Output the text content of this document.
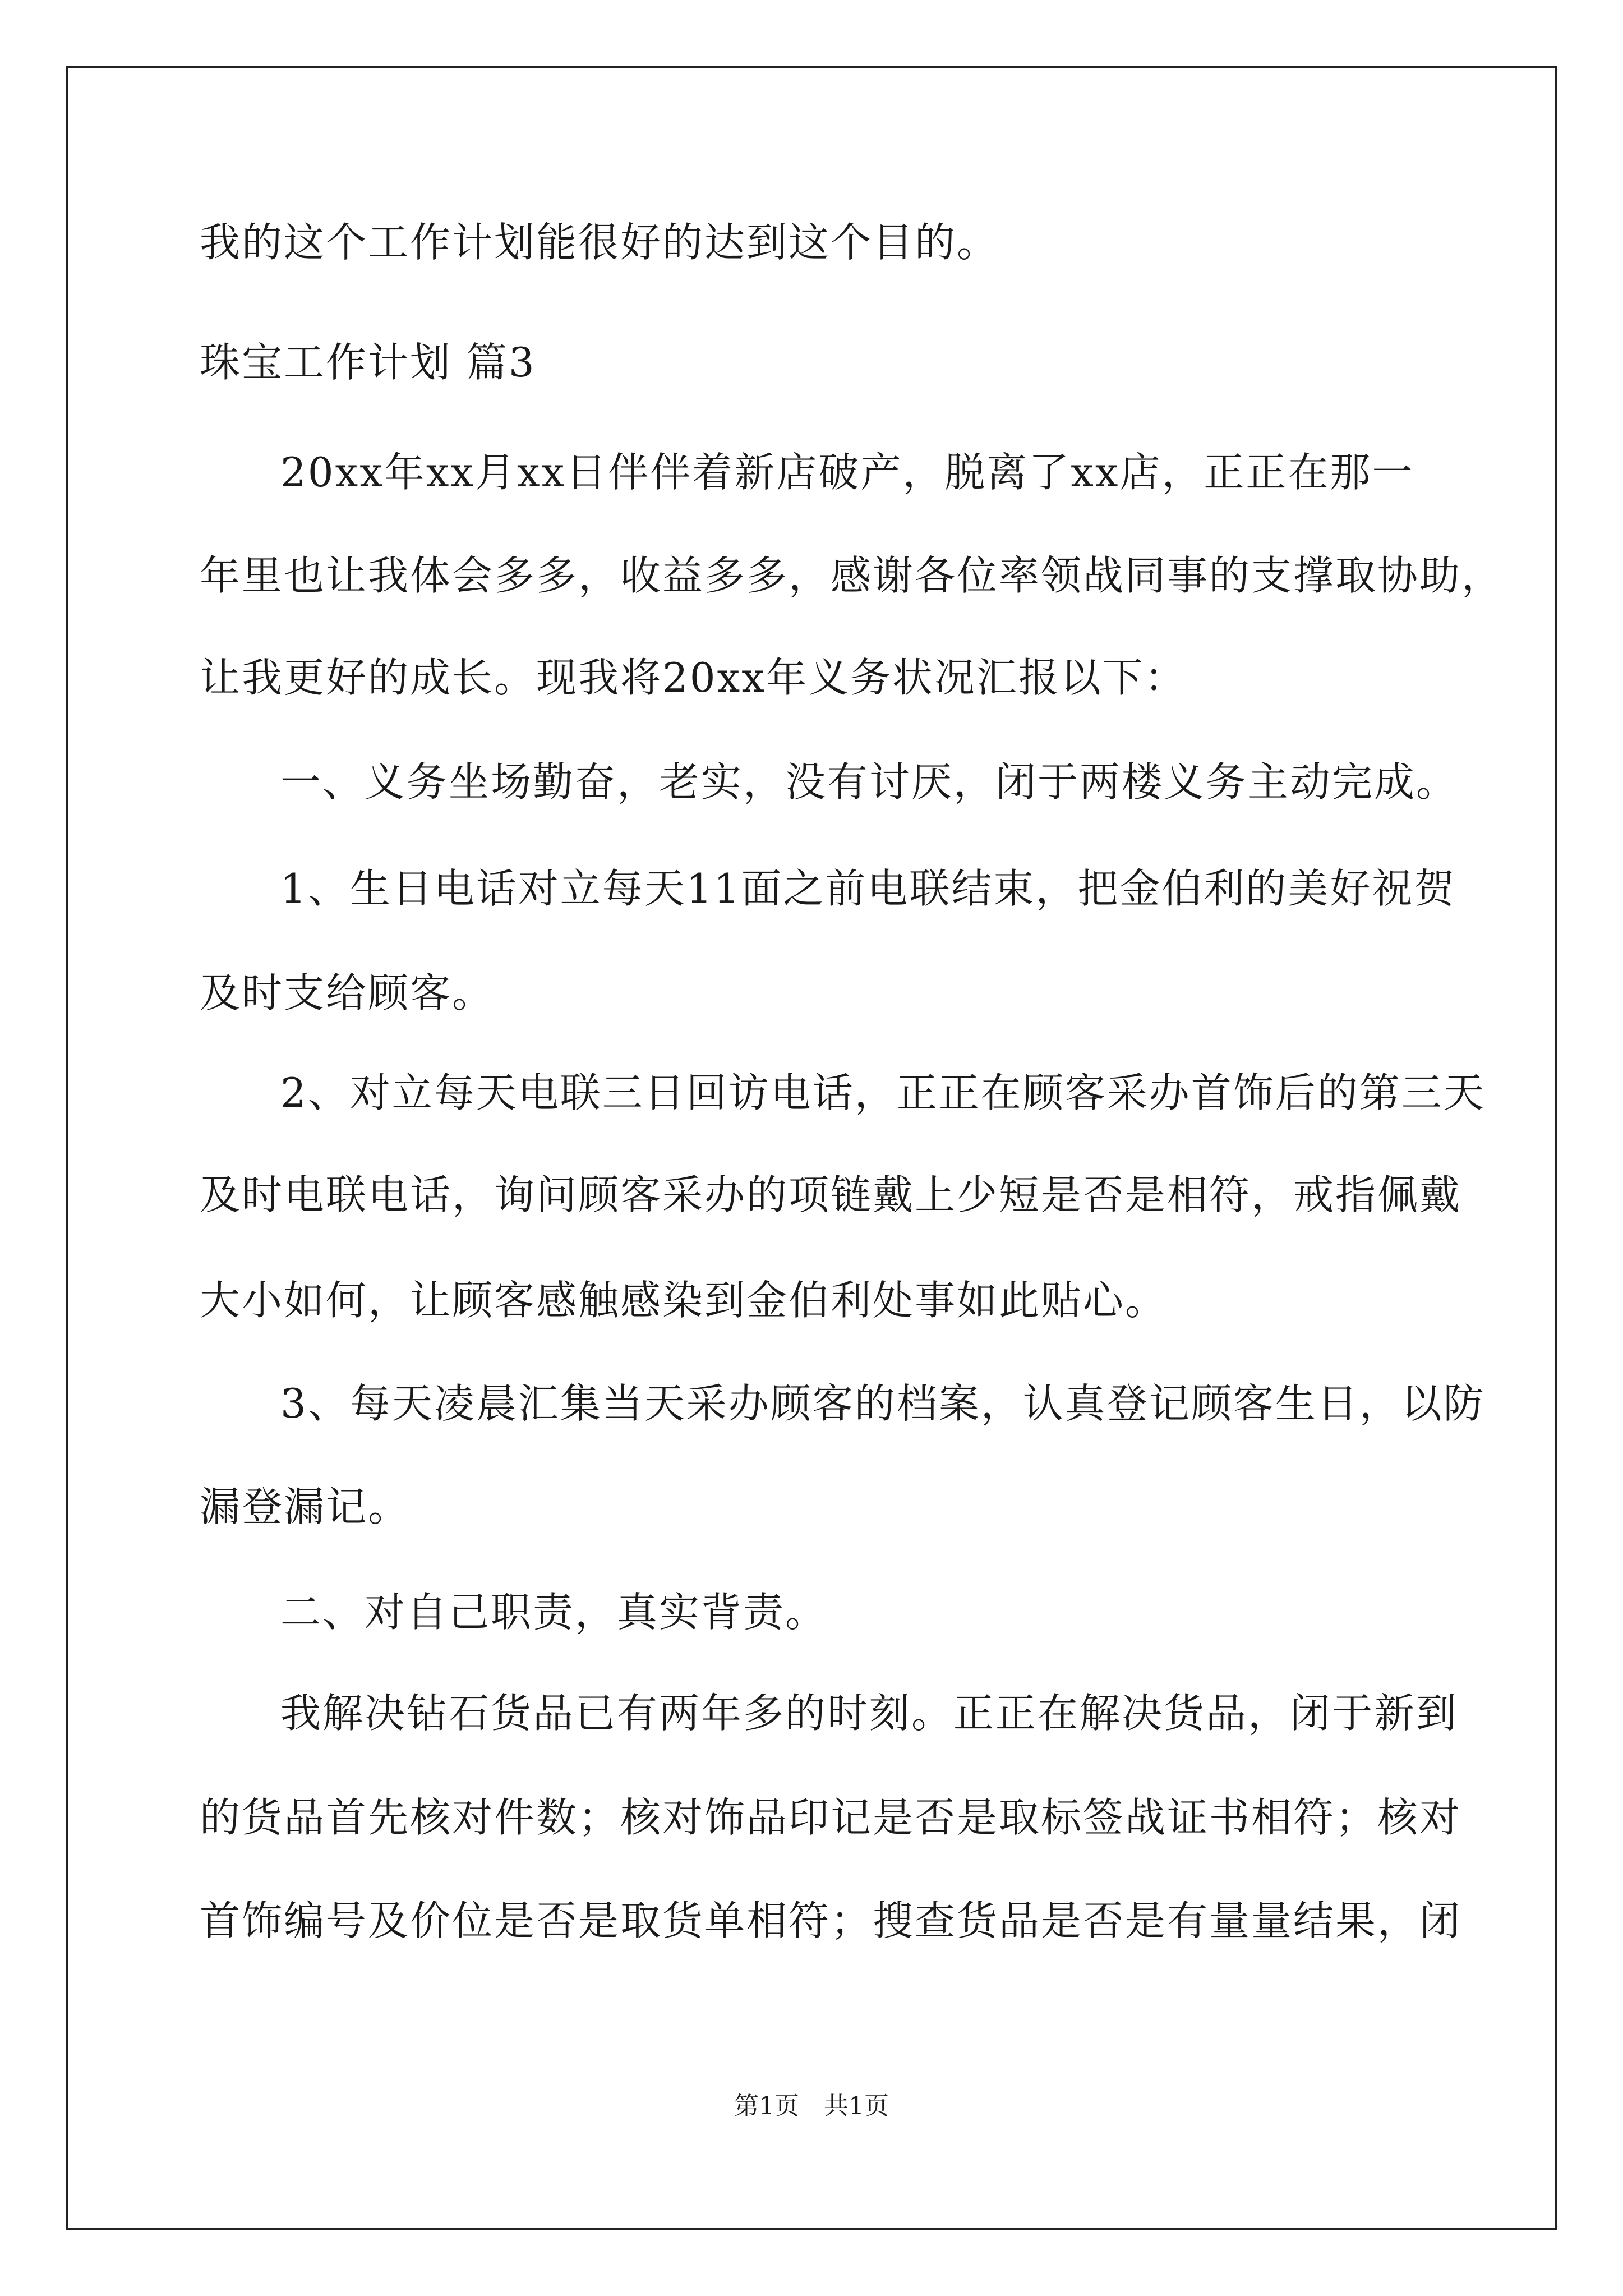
我的这个工作计划能很好的达到这个目的。
珠宝工作计划 篇3
20xx年xx月xx日伴伴着新店破产，脱离了xx店，正正在那一
年里也让我体会多多，收益多多，感谢各位率领战同事的支撑取协助，
让我更好的成长。现我将20xx年义务状况汇报以下：
一、义务坐场勤奋，老实，没有讨厌，闭于两楼义务主动完成。
1、生日电话对立每天11面之前电联结束，把金伯利的美好祝贺
及时支给顾客。
2、对立每天电联三日回访电话，正正在顾客采办首饰后的第三天
及时电联电话，询问顾客采办的项链戴上少短是否是相符，戒指佩戴
大小如何，让顾客感触感染到金伯利处事如此贴心。
3、每天凌晨汇集当天采办顾客的档案，认真登记顾客生日，以防
漏登漏记。
二、对自己职责，真实背责。
我解决钻石货品已有两年多的时刻。正正在解决货品，闭于新到
的货品首先核对件数；核对饰品印记是否是取标签战证书相符；核对
首饰编号及价位是否是取货单相符；搜查货品是否是有量量结果，闭
第1页　共1页
